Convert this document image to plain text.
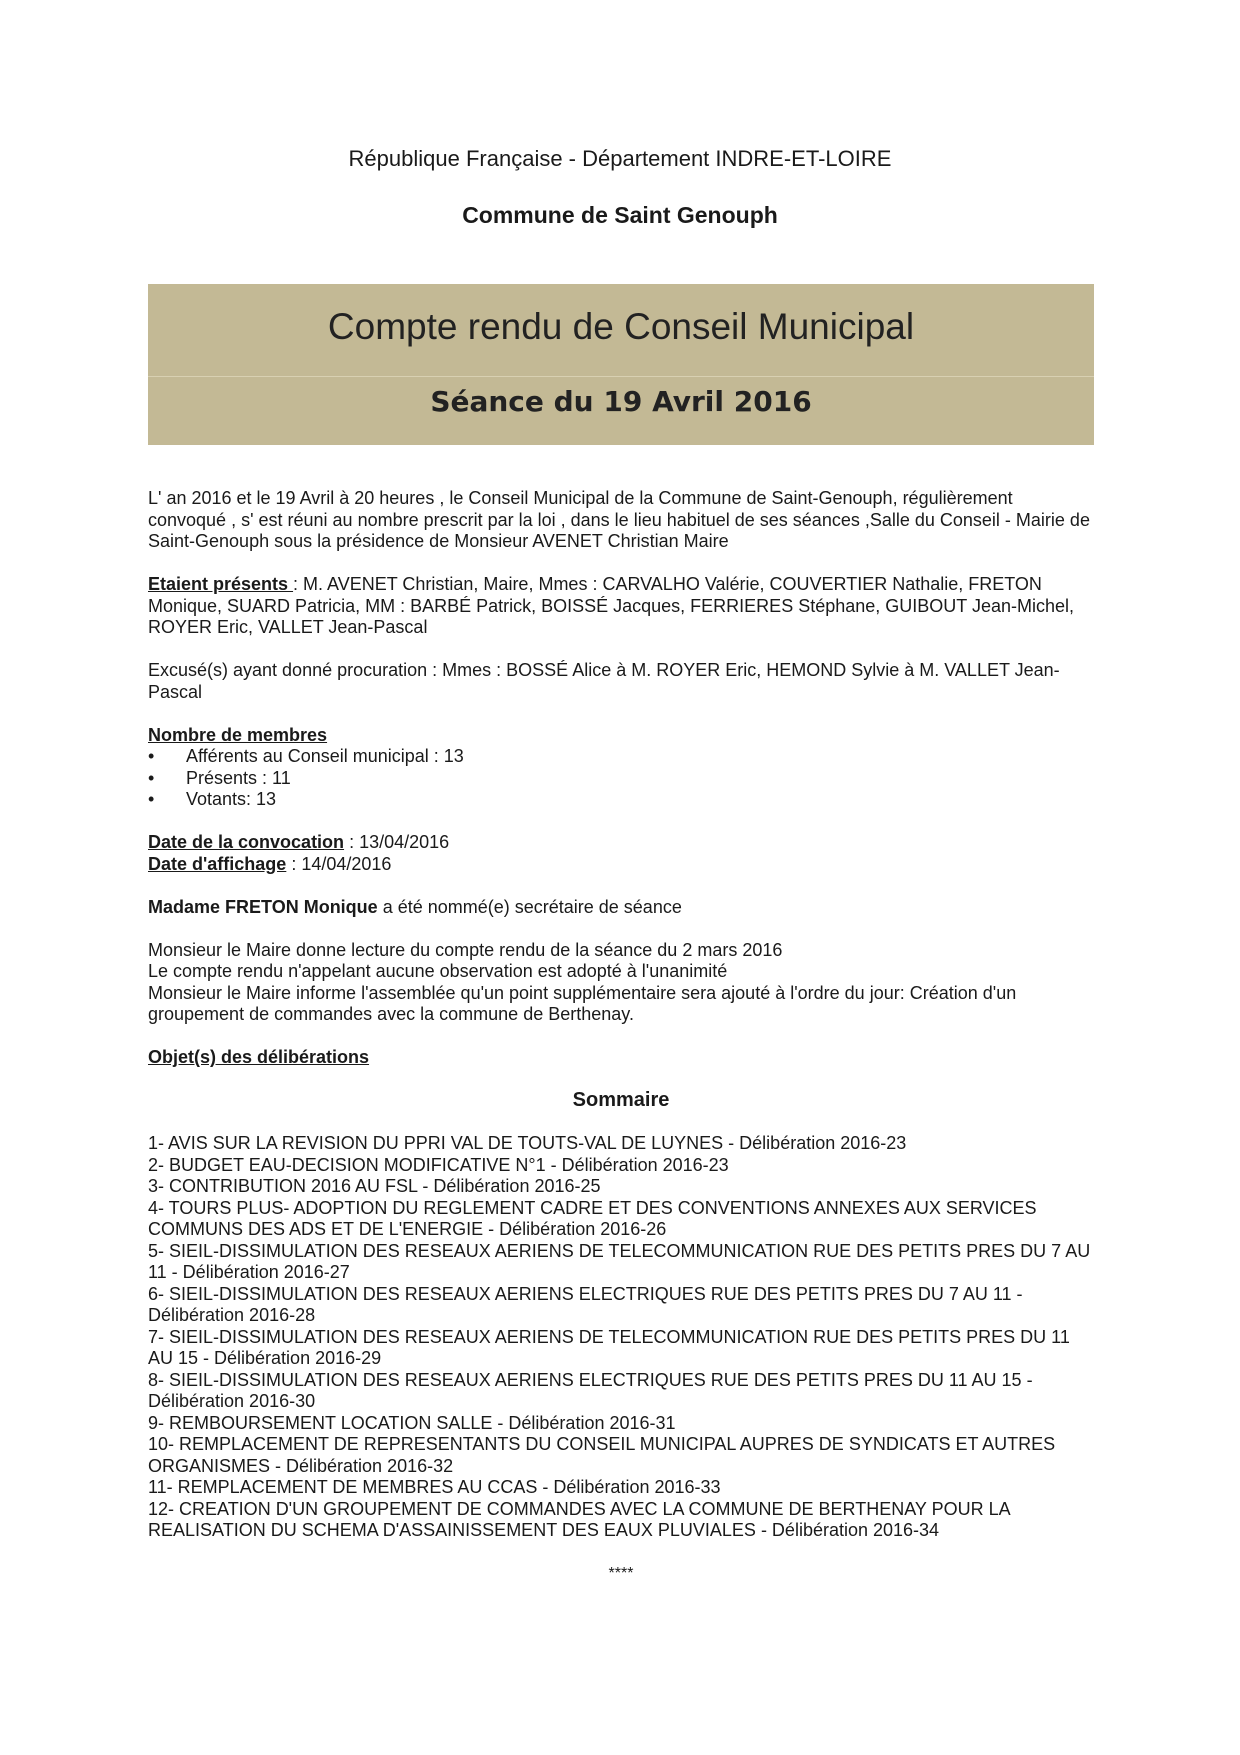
République Française - Département INDRE-ET-LOIRE
Commune de Saint Genouph
Compte rendu de Conseil Municipal
Séance du 19 Avril 2016

L' an 2016 et le 19 Avril à 20 heures , le Conseil Municipal de la Commune de Saint-Genouph, régulièrement convoqué , s' est réuni au nombre prescrit par la loi , dans le lieu habituel de ses séances ,Salle du Conseil - Mairie de Saint-Genouph sous la présidence de Monsieur AVENET Christian Maire

Etaient présents : M. AVENET Christian, Maire, Mmes : CARVALHO Valérie, COUVERTIER Nathalie, FRETON Monique, SUARD Patricia, MM : BARBÉ Patrick, BOISSÉ Jacques, FERRIERES Stéphane, GUIBOUT Jean-Michel, ROYER Eric, VALLET Jean-Pascal

Excusé(s) ayant donné procuration : Mmes : BOSSÉ Alice à M. ROYER Eric, HEMOND Sylvie à M. VALLET Jean-Pascal

Nombre de membres
• Afférents au Conseil municipal : 13
• Présents : 11
• Votants: 13
Date de la convocation : 13/04/2016
Date d'affichage : 14/04/2016

Madame FRETON Monique a été nommé(e) secrétaire de séance

Monsieur le Maire donne lecture du compte rendu de la séance du 2 mars 2016
Le compte rendu n'appelant aucune observation est adopté à l'unanimité
Monsieur le Maire informe l'assemblée qu'un point supplémentaire sera ajouté à l'ordre du jour: Création d'un groupement de commandes avec la commune de Berthenay.

Objet(s) des délibérations

Sommaire

1- AVIS SUR LA REVISION DU PPRI VAL DE TOUTS-VAL DE LUYNES - Délibération 2016-23

2- BUDGET EAU-DECISION MODIFICATIVE N°1 - Délibération 2016-23

3- CONTRIBUTION 2016 AU FSL - Délibération 2016-25

4- TOURS PLUS- ADOPTION DU REGLEMENT CADRE ET DES CONVENTIONS ANNEXES AUX SERVICES COMMUNS DES ADS ET DE L'ENERGIE - Délibération 2016-26

5- SIEIL-DISSIMULATION DES RESEAUX AERIENS DE TELECOMMUNICATION RUE DES PETITS PRES DU 7 AU 11 - Délibération 2016-27

6- SIEIL-DISSIMULATION DES RESEAUX AERIENS ELECTRIQUES RUE DES PETITS PRES DU 7 AU 11 - Délibération 2016-28

7- SIEIL-DISSIMULATION DES RESEAUX AERIENS DE TELECOMMUNICATION RUE DES PETITS PRES DU 11 AU 15 - Délibération 2016-29

8- SIEIL-DISSIMULATION DES RESEAUX AERIENS ELECTRIQUES RUE DES PETITS PRES DU 11 AU 15 - Délibération 2016-30

9- REMBOURSEMENT LOCATION SALLE - Délibération 2016-31

10- REMPLACEMENT DE REPRESENTANTS DU CONSEIL MUNICIPAL AUPRES DE SYNDICATS ET AUTRES ORGANISMES - Délibération 2016-32

11- REMPLACEMENT DE MEMBRES AU CCAS - Délibération 2016-33

12- CREATION D'UN GROUPEMENT DE COMMANDES AVEC LA COMMUNE DE BERTHENAY POUR LA REALISATION DU SCHEMA D'ASSAINISSEMENT DES EAUX PLUVIALES - Délibération 2016-34

****
